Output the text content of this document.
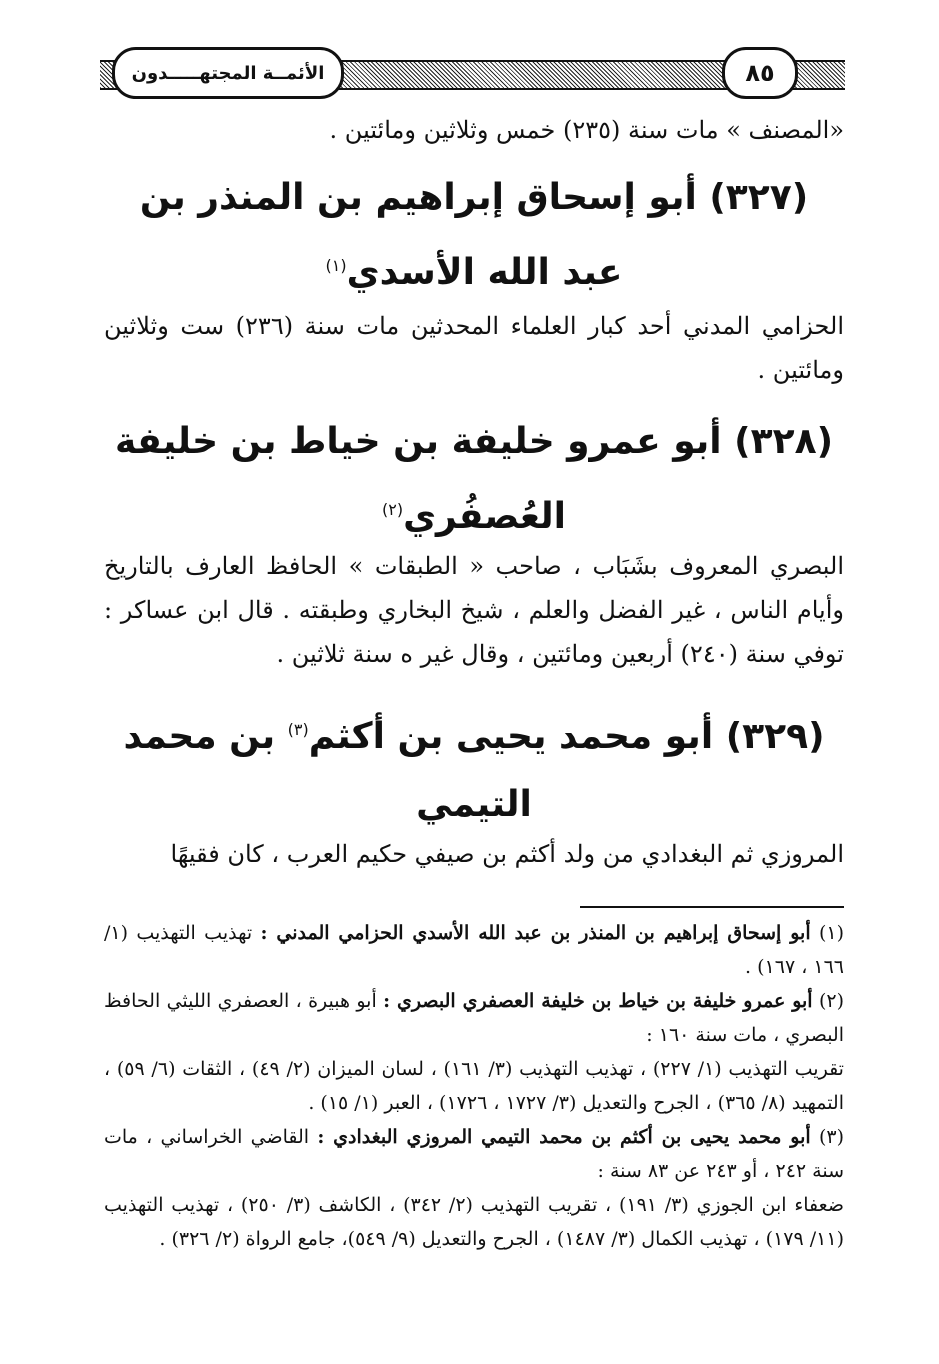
الأئمــة المجتهـــــدون	٨٥
«المصنف » مات سنة (٢٣٥) خمس وثلاثين ومائتين .
(٣٢٧) أبو إسحاق إبراهيم بن المنذر بن عبد الله الأسدي$^{(١)}$
الحزامي المدني أحد كبار العلماء المحدثين مات سنة (٢٣٦) ست وثلاثين ومائتين .
(٣٢٨) أبو عمرو خليفة بن خياط بن خليفة العُصفُري$^{(٢)}$
البصري المعروف بشَبَاب ، صاحب « الطبقات » الحافظ العارف بالتاريخ وأيام الناس ، غير الفضل والعلم ، شيخ البخاري وطبقته . قال ابن عساكر : توفي سنة (٢٤٠) أربعين ومائتين ، وقال غير ه سنة ثلاثين .
(٣٢٩) أبو محمد يحيى بن أكثم$^{(٣)}$ بن محمد التيمي
المروزي ثم البغدادي من ولد أكثم بن صيفي حكيم العرب ، كان فقيهًا

(١) أبو إسحاق إبراهيم بن المنذر بن عبد الله الأسدي الحزامي المدني : تهذيب التهذيب (١/ ١٦٦ ، ١٦٧) .

(٢) أبو عمرو خليفة بن خياط بن خليفة العصفري البصري : أبو هبيرة ، العصفري الليثي الحافظ البصري ، مات سنة ١٦٠ :

تقريب التهذيب (١/ ٢٢٧) ، تهذيب التهذيب (٣/ ١٦١) ، لسان الميزان (٢/ ٤٩) ، الثقات (٦/ ٥٩) ، التمهيد (٨/ ٣٦٥) ، الجرح والتعديل (٣/ ١٧٢٧ ، ١٧٢٦) ، العبر (١/ ١٥) .

(٣) أبو محمد يحيى بن أكثم بن محمد التيمي المروزي البغدادي : القاضي الخراساني ، مات سنة ٢٤٢ ، أو ٢٤٣ عن ٨٣ سنة :

ضعفاء ابن الجوزي (٣/ ١٩١) ، تقريب التهذيب (٢/ ٣٤٢) ، الكاشف (٣/ ٢٥٠) ، تهذيب التهذيب (١١/ ١٧٩) ، تهذيب الكمال (٣/ ١٤٨٧) ، الجرح والتعديل (٩/ ٥٤٩)، جامع الرواة (٢/ ٣٢٦) .
